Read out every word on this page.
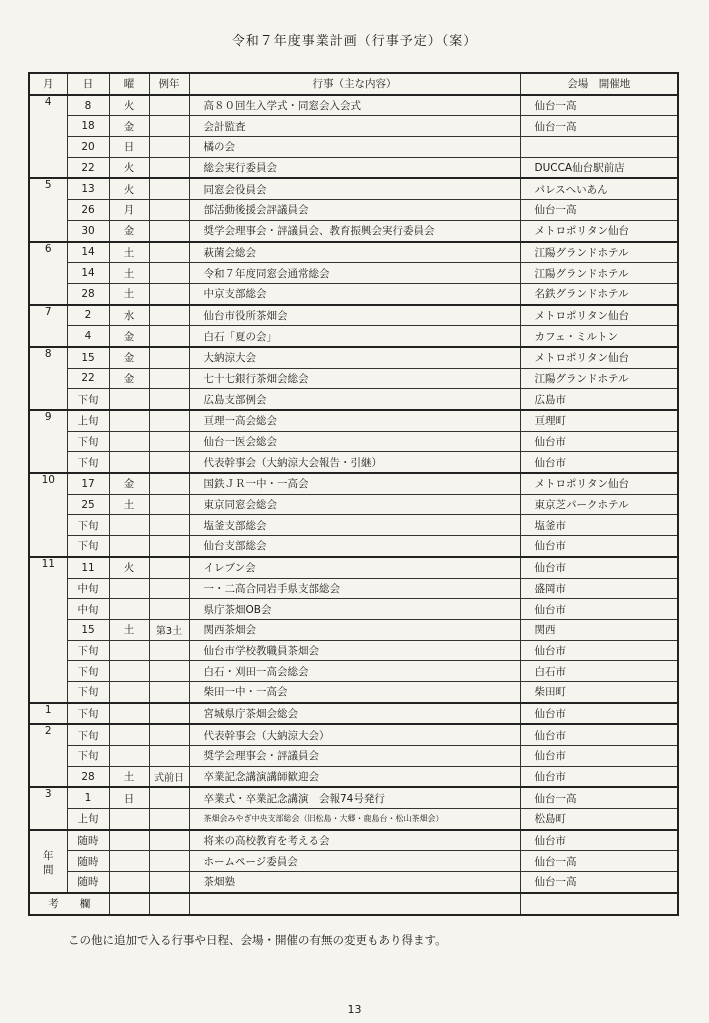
令和７年度事業計画（行事予定）（案）
月	日	曜	例年	行事（主な内容）	会場　開催地
4	8	火		高８０回生入学式・同窓会入会式	仙台一高
	18	金		会計監査	仙台一高
	20	日		橘の会	
	22	火		総会実行委員会	DUCCA仙台駅前店
5	13	火		同窓会役員会	パレスへいあん
	26	月		部活動後援会評議員会	仙台一高
	30	金		奨学会理事会・評議員会、教育振興会実行委員会	メトロポリタン仙台
6	14	土		萩菌会総会	江陽グランドホテル
	14	土		令和７年度同窓会通常総会	江陽グランドホテル
	28	土		中京支部総会	名鉄グランドホテル
7	2	水		仙台市役所茶畑会	メトロポリタン仙台
	4	金		白石「夏の会」	カフェ・ミルトン
8	15	金		大納涼大会	メトロポリタン仙台
	22	金		七十七銀行茶畑会総会	江陽グランドホテル
	下旬			広島支部例会	広島市
9	上旬			亘理一高会総会	亘理町
	下旬			仙台一医会総会	仙台市
	下旬			代表幹事会（大納涼大会報告・引継）	仙台市
10	17	金		国鉄ＪＲ一中・一高会	メトロポリタン仙台
	25	土		東京同窓会総会	東京芝パークホテル
	下旬			塩釜支部総会	塩釜市
	下旬			仙台支部総会	仙台市
11	11	火		イレブン会	仙台市
	中旬			一・二高合同岩手県支部総会	盛岡市
	中旬			県庁茶畑OB会	仙台市
	15	土	第3土	関西茶畑会	関西
	下旬			仙台市学校教職員茶畑会	仙台市
	下旬			白石・刈田一高会総会	白石市
	下旬			柴田一中・一高会	柴田町
1	下旬			宮城県庁茶畑会総会	仙台市
2	下旬			代表幹事会（大納涼大会）	仙台市
	下旬			奨学会理事会・評議員会	仙台市
	28	土	式前日	卒業記念講演講師歓迎会	仙台市
3	1	日		卒業式・卒業記念講演　会報74号発行	仙台一高
	上旬			茶畑会みやぎ中央支部総会（旧松島・大郷・鹿島台・松山茶畑会）	松島町

年間	随時			将来の高校教育を考える会	仙台市
	随時			ホームページ委員会	仙台一高
	随時			茶畑塾	仙台一高
考　　欄					
この他に追加で入る行事や日程、会場・開催の有無の変更もあり得ます。
13
